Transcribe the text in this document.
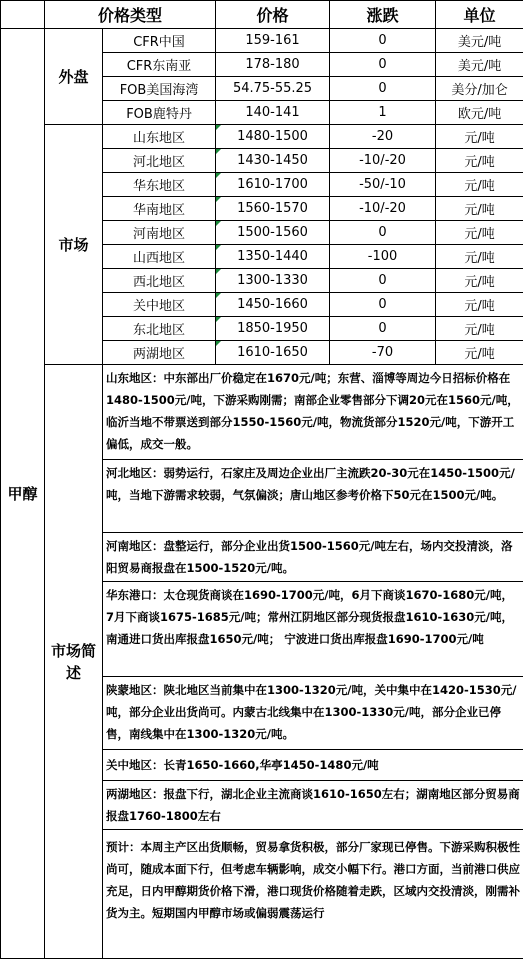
	价格类型		价格	涨跌	单位
甲醇	外盘	CFR中国	159-161	0	美元/吨
		CFR东南亚	178-180	0	美元/吨
		FOB美国海湾	54.75-55.25	0	美分/加仑
		FOB鹿特丹	140-141	1	欧元/吨
	市场	山东地区	1480-1500	-20	元/吨
		河北地区	1430-1450	-10/-20	元/吨
		华东地区	1610-1700	-50/-10	元/吨
		华南地区	1560-1570	-10/-20	元/吨
		河南地区	1500-1560	0	元/吨
		山西地区	1350-1440	-100	元/吨
		西北地区	1300-1330	0	元/吨
		关中地区	1450-1660	0	元/吨
		东北地区	1850-1950	0	元/吨
		两湖地区	1610-1650	-70	元/吨
	市场简述	山东地区：中东部出厂价稳定在1670元/吨；东营、淄博等周边今日招标价格在1480-1500元/吨，下游采购刚需；南部企业零售部分下调20元在1560元/吨，临沂当地不带票送到部分1550-1560元/吨，物流货部分1520元/吨，下游开工偏低，成交一般。			
		河北地区：弱势运行，石家庄及周边企业出厂主流跌20-30元在1450-1500元/吨，当地下游需求较弱，气氛偏淡；唐山地区参考价格下50元在1500元/吨。			
		河南地区：盘整运行，部分企业出货1500-1560元/吨左右，场内交投清淡，洛阳贸易商报盘在1500-1520元/吨。			
		华东港口：太仓现货商谈在1690-1700元/吨，6月下商谈1670-1680元/吨，7月下商谈1675-1685元/吨；常州江阴地区部分现货报盘1610-1630元/吨，南通进口货出库报盘1650元/吨； 宁波进口货出库报盘1690-1700元/吨			
		陕蒙地区：陕北地区当前集中在1300-1320元/吨，关中集中在1420-1530元/吨，部分企业出货尚可。内蒙古北线集中在1300-1330元/吨，部分企业已停售，南线集中在1300-1320元/吨。			
		关中地区：长青1650-1660,华亭1450-1480元/吨			
		两湖地区：报盘下行，湖北企业主流商谈1610-1650左右；湖南地区部分贸易商报盘1760-1800左右			
		预计：本周主产区出货顺畅，贸易拿货积极，部分厂家现已停售。下游采购积极性尚可，随成本面下行，但考虑车辆影响，成交小幅下行。港口方面，当前港口供应充足，日内甲醇期货价格下滑，港口现货价格随着走跌，区域内交投清淡，刚需补货为主。短期国内甲醇市场或偏弱震荡运行			
